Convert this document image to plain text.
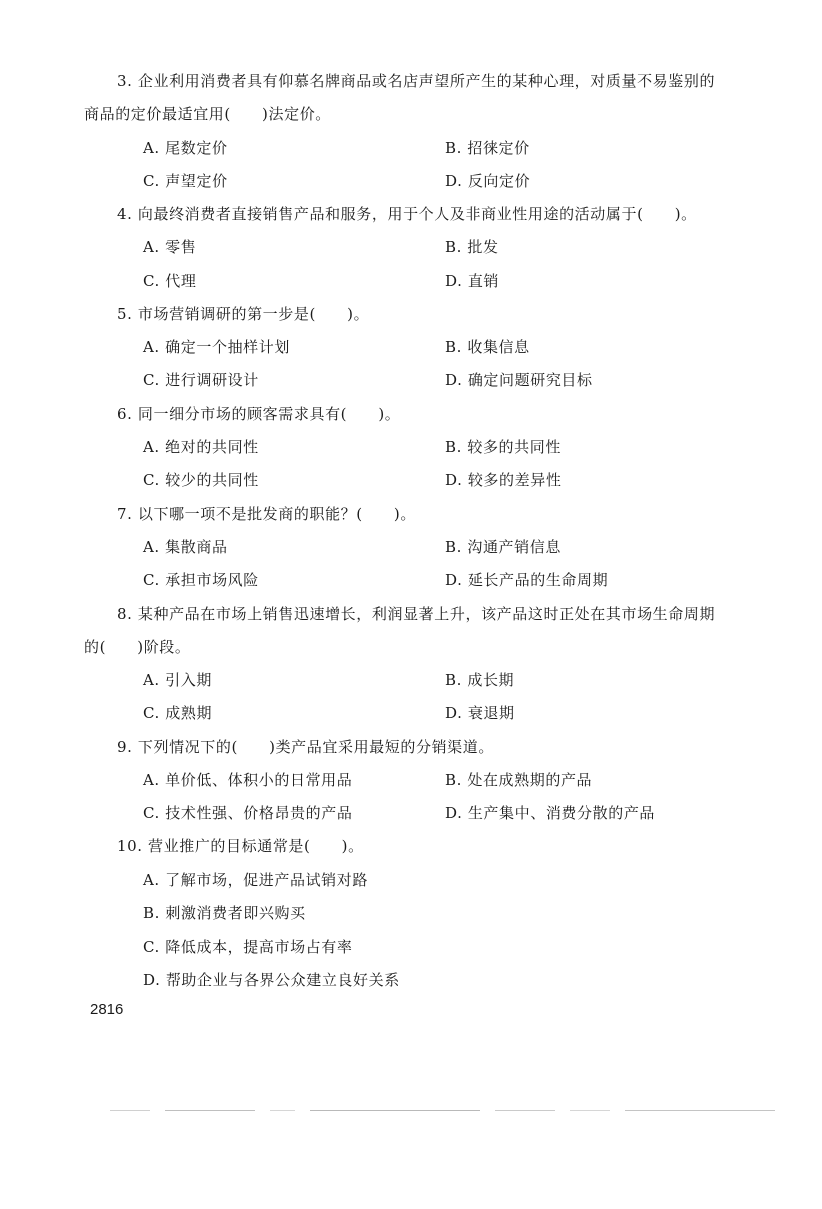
3. 企业利用消费者具有仰慕名牌商品或名店声望所产生的某种心理，对质量不易鉴别的
商品的定价最适宜用(　　)法定价。
A. 尾数定价	B. 招徕定价
C. 声望定价	D. 反向定价
4. 向最终消费者直接销售产品和服务，用于个人及非商业性用途的活动属于(　　)。
A. 零售	B. 批发
C. 代理	D. 直销
5. 市场营销调研的第一步是(　　)。
A. 确定一个抽样计划	B. 收集信息
C. 进行调研设计	D. 确定问题研究目标
6. 同一细分市场的顾客需求具有(　　)。
A. 绝对的共同性	B. 较多的共同性
C. 较少的共同性	D. 较多的差异性
7. 以下哪一项不是批发商的职能？(　　)。
A. 集散商品	B. 沟通产销信息
C. 承担市场风险	D. 延长产品的生命周期
8. 某种产品在市场上销售迅速增长，利润显著上升，该产品这时正处在其市场生命周期
的(　　)阶段。
A. 引入期	B. 成长期
C. 成熟期	D. 衰退期
9. 下列情况下的(　　)类产品宜采用最短的分销渠道。
A. 单价低、体积小的日常用品	B. 处在成熟期的产品
C. 技术性强、价格昂贵的产品	D. 生产集中、消费分散的产品
10. 营业推广的目标通常是(　　)。
A. 了解市场，促进产品试销对路
B. 刺激消费者即兴购买
C. 降低成本，提高市场占有率
D. 帮助企业与各界公众建立良好关系
2816
